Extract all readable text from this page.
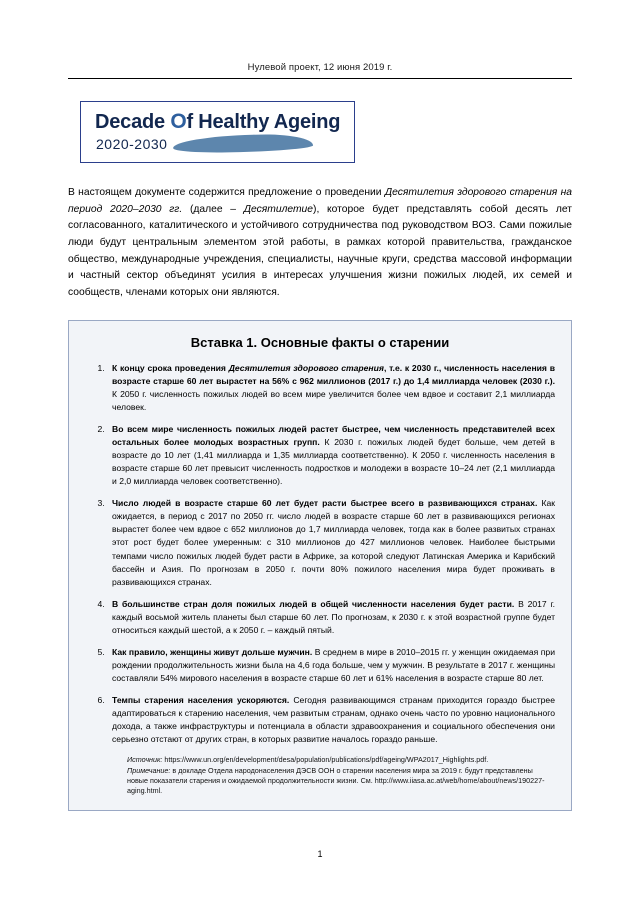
Нулевой проект, 12 июня 2019 г.
Decade Of Healthy Ageing
2020-2030
В настоящем документе содержится предложение о проведении Десятилетия здорового старения на период 2020–2030 гг. (далее – Десятилетие), которое будет представлять собой десять лет согласованного, каталитического и устойчивого сотрудничества под руководством ВОЗ. Сами пожилые люди будут центральным элементом этой работы, в рамках которой правительства, гражданское общество, международные учреждения, специалисты, научные круги, средства массовой информации и частный сектор объединят усилия в интересах улучшения жизни пожилых людей, их семей и сообществ, членами которых они являются.
Вставка 1. Основные факты о старении
1. К концу срока проведения Десятилетия здорового старения, т.е. к 2030 г., численность населения в возрасте старше 60 лет вырастет на 56% с 962 миллионов (2017 г.) до 1,4 миллиарда человек (2030 г.). К 2050 г. численность пожилых людей во всем мире увеличится более чем вдвое и составит 2,1 миллиарда человек.
2. Во всем мире численность пожилых людей растет быстрее, чем численность представителей всех остальных более молодых возрастных групп. К 2030 г. пожилых людей будет больше, чем детей в возрасте до 10 лет (1,41 миллиарда и 1,35 миллиарда соответственно). К 2050 г. численность населения в возрасте старше 60 лет превысит численность подростков и молодежи в возрасте 10–24 лет (2,1 миллиарда и 2,0 миллиарда человек соответственно).
3. Число людей в возрасте старше 60 лет будет расти быстрее всего в развивающихся странах. Как ожидается, в период с 2017 по 2050 гг. число людей в возрасте старше 60 лет в развивающихся регионах вырастет более чем вдвое с 652 миллионов до 1,7 миллиарда человек, тогда как в более развитых странах этот рост будет более умеренным: с 310 миллионов до 427 миллионов человек. Наиболее быстрыми темпами число пожилых людей будет расти в Африке, за которой следуют Латинская Америка и Карибский бассейн и Азия. По прогнозам в 2050 г. почти 80% пожилого населения мира будет проживать в развивающихся странах.
4. В большинстве стран доля пожилых людей в общей численности населения будет расти. В 2017 г. каждый восьмой житель планеты был старше 60 лет. По прогнозам, к 2030 г. к этой возрастной группе будет относиться каждый шестой, а к 2050 г. – каждый пятый.
5. Как правило, женщины живут дольше мужчин. В среднем в мире в 2010–2015 гг. у женщин ожидаемая при рождении продолжительность жизни была на 4,6 года больше, чем у мужчин. В результате в 2017 г. женщины составляли 54% мирового населения в возрасте старше 60 лет и 61% населения в возрасте старше 80 лет.
6. Темпы старения населения ускоряются. Сегодня развивающимся странам приходится гораздо быстрее адаптироваться к старению населения, чем развитым странам, однако очень часто по уровню национального дохода, а также инфраструктуры и потенциала в области здравоохранения и социального обеспечения они серьезно отстают от других стран, в которых развитие началось гораздо раньше.
Источник: https://www.un.org/en/development/desa/population/publications/pdf/ageing/WPA2017_Highlights.pdf.
Примечание: в докладе Отдела народонаселения ДЭСВ ООН о старении населения мира за 2019 г. будут представлены новые показатели старения и ожидаемой продолжительности жизни. См. http://www.iiasa.ac.at/web/home/about/news/190227-aging.html.
1
